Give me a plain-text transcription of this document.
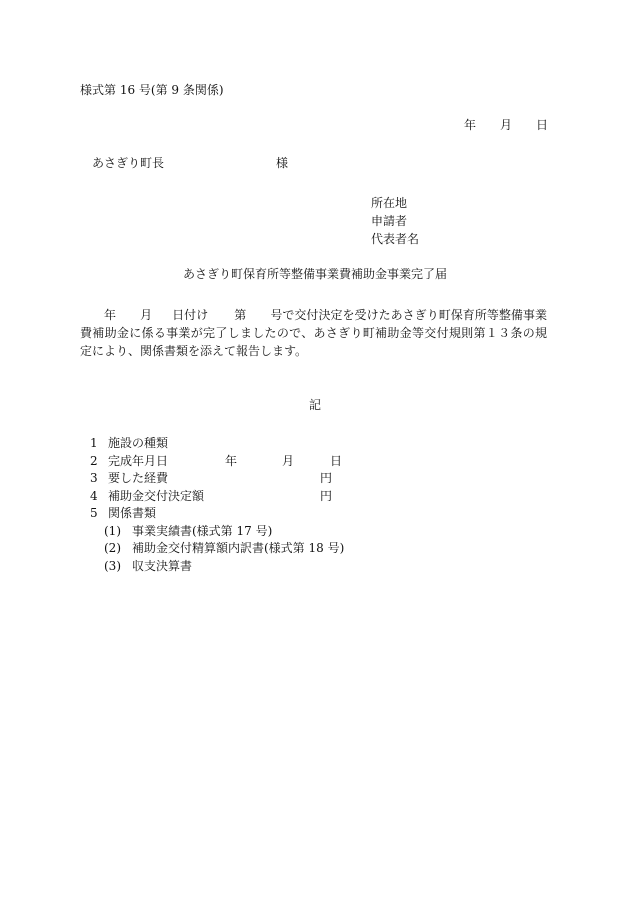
様式第 16 号(第 9 条関係)
年 月 日
あさぎり町長	様
所在地
申請者
代表者名
あさぎり町保育所等整備事業費補助金事業完了届

年 月 日付け 第 号で交付決定を受けたあさぎり町保育所等整備事業費補助金に係る事業が完了しましたので、あさぎり町補助金等交付規則第１３条の規定により、関係書類を添えて報告します。

記
1 施設の種類
2 完成年月日	年	月	日
3 要した経費	円
4 補助金交付決定額	円
5 関係書類
(1) 事業実績書(様式第 17 号)
(2) 補助金交付精算額内訳書(様式第 18 号)
(3) 収支決算書
